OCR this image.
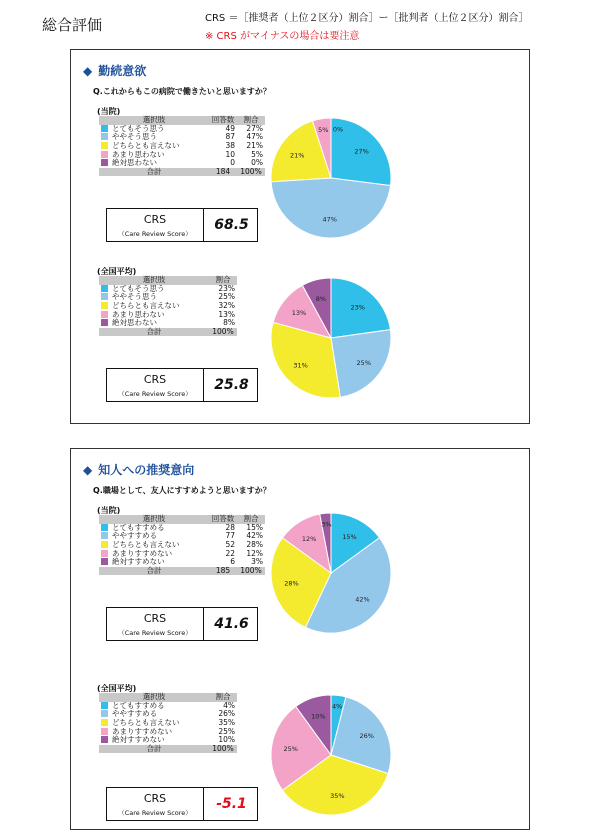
総合評価	CRS ＝［推奨者（上位２区分）割合］ー［批判者（上位２区分）割合］
※ CRS がマイナスの場合は要注意
◆ 勤続意欲
Q.これからもこの病院で働きたいと思いますか？
(当院)
選択肢	回答数	割合
とてもそう思う	49	27%
ややそう思う	87	47%
どちらとも言えない	38	21%
あまり思わない	10	5%
絶対思わない	0	0%
合計	184	100%
CRS
（Care Review Score）
68.5
27%
47%
21%
5% 0%
(全国平均)
選択肢	割合
とてもそう思う	23%
ややそう思う	25%
どちらとも言えない	32%
あまり思わない	13%
絶対思わない	8%
合計	100%
CRS
（Care Review Score）
25.8
23%
25%
31%
13%
8%
◆ 知人への推奨意向
Q.職場として、友人にすすめようと思いますか？
(当院)
選択肢	回答数	割合
とてもすすめる	28	15%
ややすすめる	77	42%
どちらとも言えない	52	28%
あまりすすめない	22	12%
絶対すすめない	6	3%
合計	185	100%
CRS
（Care Review Score）
41.6
15%
42%
28%
12%
3%
(全国平均)
選択肢	割合
とてもすすめる	4%
ややすすめる	26%
どちらとも言えない	35%
あまりすすめない	25%
絶対すすめない	10%
合計	100%
CRS
（Care Review Score）
-5.1
4%
26%
35%
25%
10%
